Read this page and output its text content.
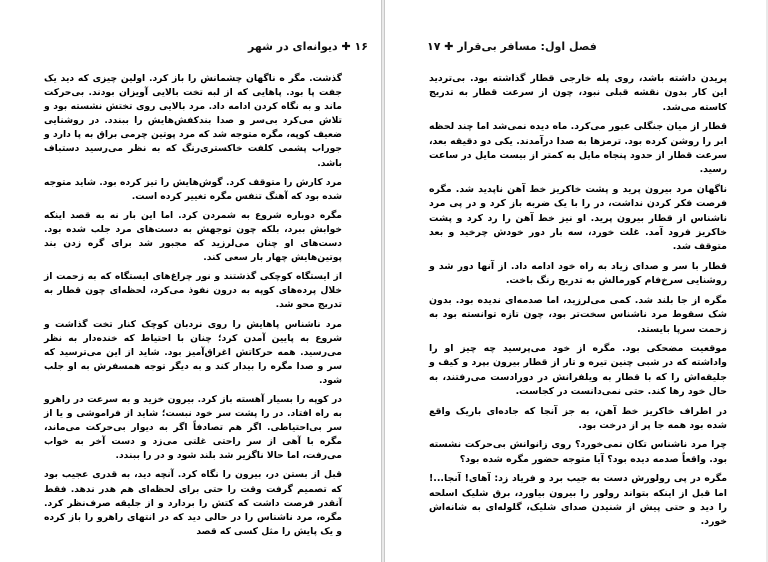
۱۶ ✚ دیوانه‌ای در شهر

گذشت. مگر ه ناگهان چشمانش را باز کرد. اولین چیزی که دید یک جفت پا بود. پاهایی که از لبه تخت بالایی آویزان بودند. بی‌حرکت ماند و به نگاه کردن ادامه داد. مرد بالایی روی تختش نشسته بود و تلاش می‌کرد بی‌سر و صدا بندکفش‌هایش را ببندد. در روشنایی ضعیف‌ کوپه، مگره متوجه شد که مرد پوتین چرمی براق به پا دارد و جوراب پشمی کلفت خاکستری‌رنگ که به نظر می‌رسید دستباف باشد.

مرد کارش را متوقف کرد. گوش‌هایش را تیز کرده بود. شاید متوجه شده بود که آهنگ تنفس مگره تغییر کرده است.

مگره دوباره شروع به شمردن کرد. اما این بار نه به قصد اینکه خوابش ببرد، بلکه چون توجهش به دست‌های مرد جلب شده بود. دست‌های او چنان می‌لرزید که مجبور شد برای گره زدن بند پوتین‌هایش چهار بار سعی کند.

از ایستگاه کوچکی گذشتند و نور چراغ‌های ایستگاه که به زحمت از خلال پرده‌های کوپه به درون نفوذ می‌کرد، لحظه‌ای چون قطار به تدریج محو شد.

مرد ناشناس پاهایش را روی نردبان کوچک کنار تخت گذاشت و شروع به پایین آمدن کرد؛ چنان با احتیاط که خنده‌دار به نظر می‌رسید. همه حرکاتش اغراق‌آمیز بود. شاید از این می‌ترسید که سر و صدا مگره را بیدار کند و به دیگر توجه همسفرش به او جلب شود.

در کوپه را بسیار آهسته باز کرد. بیرون خزید و به سرعت در راهرو به راه افتاد. در را پشت سر خود نبست؛ شاید از فراموشی و یا از سر بی‌احتیاطی. اگر هم تصادفاً اگر به دیوار بی‌حرکت می‌ماند، مگره با آهی از سر راحتی غلتی می‌زد و دست آخر به خواب می‌رفت، اما حالا ناگزیر شد بلند شود و در را ببندد.

قبل از بستن در، بیرون را نگاه کرد. آنچه دید، به قدری عجیب بود که تصمیم گرفت وقت را حتی برای لحظه‌ای هم هدر ندهد. فقط آنقدر فرصت داشت که کتش را بردارد و از جلیقه صرف‌نظر کرد. مگره، مرد ناشناس را در حالی دید که در انتهای راهرو را باز کرده و یک پایش را مثل کسی که قصد

فصل اول: مسافر بی‌قرار ✚ ۱۷

پریدن داشته باشد، روی پله خارجی قطار گذاشته بود. بی‌تردید این کار بدون نقشه قبلی نبود، چون از سرعت قطار به تدریج کاسته می‌شد.

قطار از میان جنگلی عبور می‌کرد. ماه دیده نمی‌شد اما چند لحظه ابر را روشن کرده بود. ترمزها به صدا درآمدند. یکی دو دقیقه بعد، سرعت قطار از حدود پنجاه مایل به کمتر از بیست مایل در ساعت رسید.

ناگهان مرد بیرون پرید و پشت خاکریز خط آهن ناپدید شد. مگره فرصت فکر کردن نداشت، در را با یک ضربه باز کرد و در پی مرد ناشناس از قطار بیرون پرید. او نیز خط آهن را رد کرد و پشت خاکریز فرود آمد. غلت خورد، سه بار دور خودش چرخید و بعد متوقف شد.

قطار با سر و صدای زیاد به راه خود ادامه داد. از آنها دور شد و روشنایی سرخ‌فام کورمالش به تدریج رنگ باخت.

مگره از جا بلند شد. کمی می‌لرزید، اما صدمه‌ای ندیده بود. بدون شک سقوط مرد ناشناس سخت‌تر بود، چون تازه توانسته بود به زحمت سرپا بایستد.

موقعیت مضحکی بود. مگره از خود می‌پرسید چه چیز او را واداشته که در شبی چنین تیره و تار از قطار بیرون بپرد و کیف و جلیقه‌اش را که با قطار به ویلفرانش در دورادست می‌رفتند، به حال خود رها کند. حتی نمی‌دانست در کجاست.

در اطراف خاکریز خط آهن، به جز آنجا که جاده‌ای باریک واقع شده بود همه جا پر از درخت بود.

چرا مرد ناشناس تکان نمی‌خورد؟ روی زانوانش بی‌حرکت نشسته بود. واقعاً صدمه دیده بود؟ آیا متوجه حضور مگره شده بود؟

مگره در پی رولورش دست به جیب برد و فریاد زد: آهای! آنجا...! اما قبل از اینکه بتواند رولور را بیرون بیاورد، برق شلیک اسلحه را دید و حتی پیش از شنیدن صدای شلیک، گلوله‌ای به شانه‌اش خورد.
